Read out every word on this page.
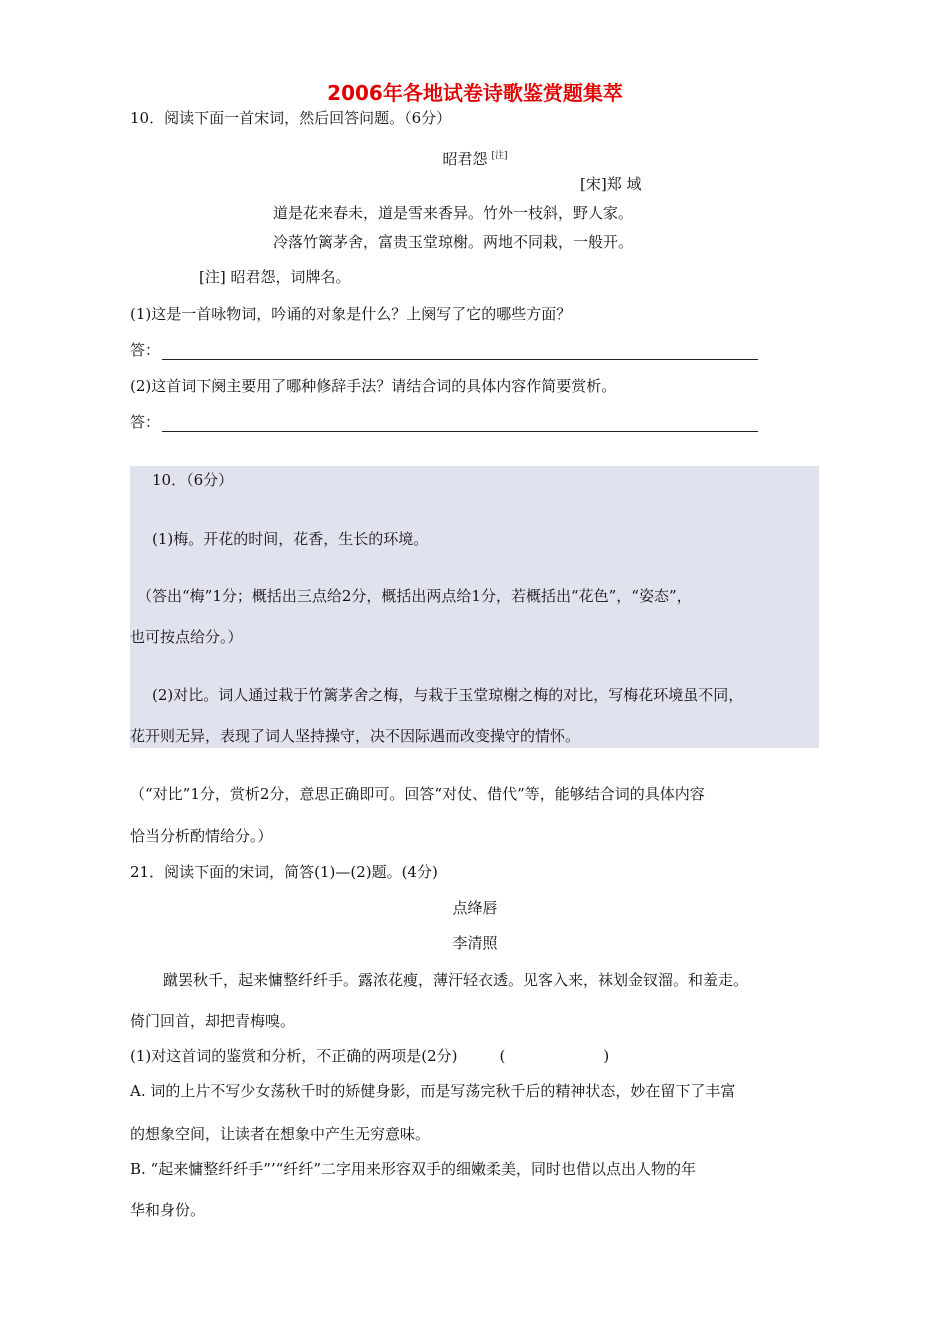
2006年各地试卷诗歌鉴赏题集萃
10．阅读下面一首宋词，然后回答问题。（6分）
昭君怨 [注]
[宋]郑 域
道是花来春未，道是雪来香异。竹外一枝斜，野人家。
冷落竹篱茅舍，富贵玉堂琼榭。两地不同栽，一般开。
[注] 昭君怨，词牌名。
(1)这是一首咏物词，吟诵的对象是什么？上阕写了它的哪些方面？
答：
(2)这首词下阕主要用了哪种修辞手法？请结合词的具体内容作简要赏析。
答：
10．（6分）
(1)梅。开花的时间，花香，生长的环境。
（答出“梅”1分；概括出三点给2分，概括出两点给1分，若概括出“花色”，“姿态”，
也可按点给分。）
(2)对比。词人通过栽于竹篱茅舍之梅，与栽于玉堂琼榭之梅的对比，写梅花环境虽不同，
花开则无异，表现了词人坚持操守，决不因际遇而改变操守的情怀。
（“对比”1分，赏析2分，意思正确即可。回答“对仗、借代”等，能够结合词的具体内容
恰当分析酌情给分。）
21．阅读下面的宋词，简答(1)—(2)题。(4分)
点绛唇
李清照
蹴罢秋千，起来慵整纤纤手。露浓花瘦，薄汗轻衣透。见客入来，袜划金钗溜。和羞走。
倚门回首，却把青梅嗅。
(1)对这首词的鉴赏和分析，不正确的两项是(2分)	(	)
A. 词的上片不写少女荡秋千时的矫健身影，而是写荡完秋千后的精神状态，妙在留下了丰富
的想象空间，让读者在想象中产生无穷意味。
B. “起来慵整纤纤手”’“纤纤”二字用来形容双手的细嫩柔美，同时也借以点出人物的年
华和身份。
